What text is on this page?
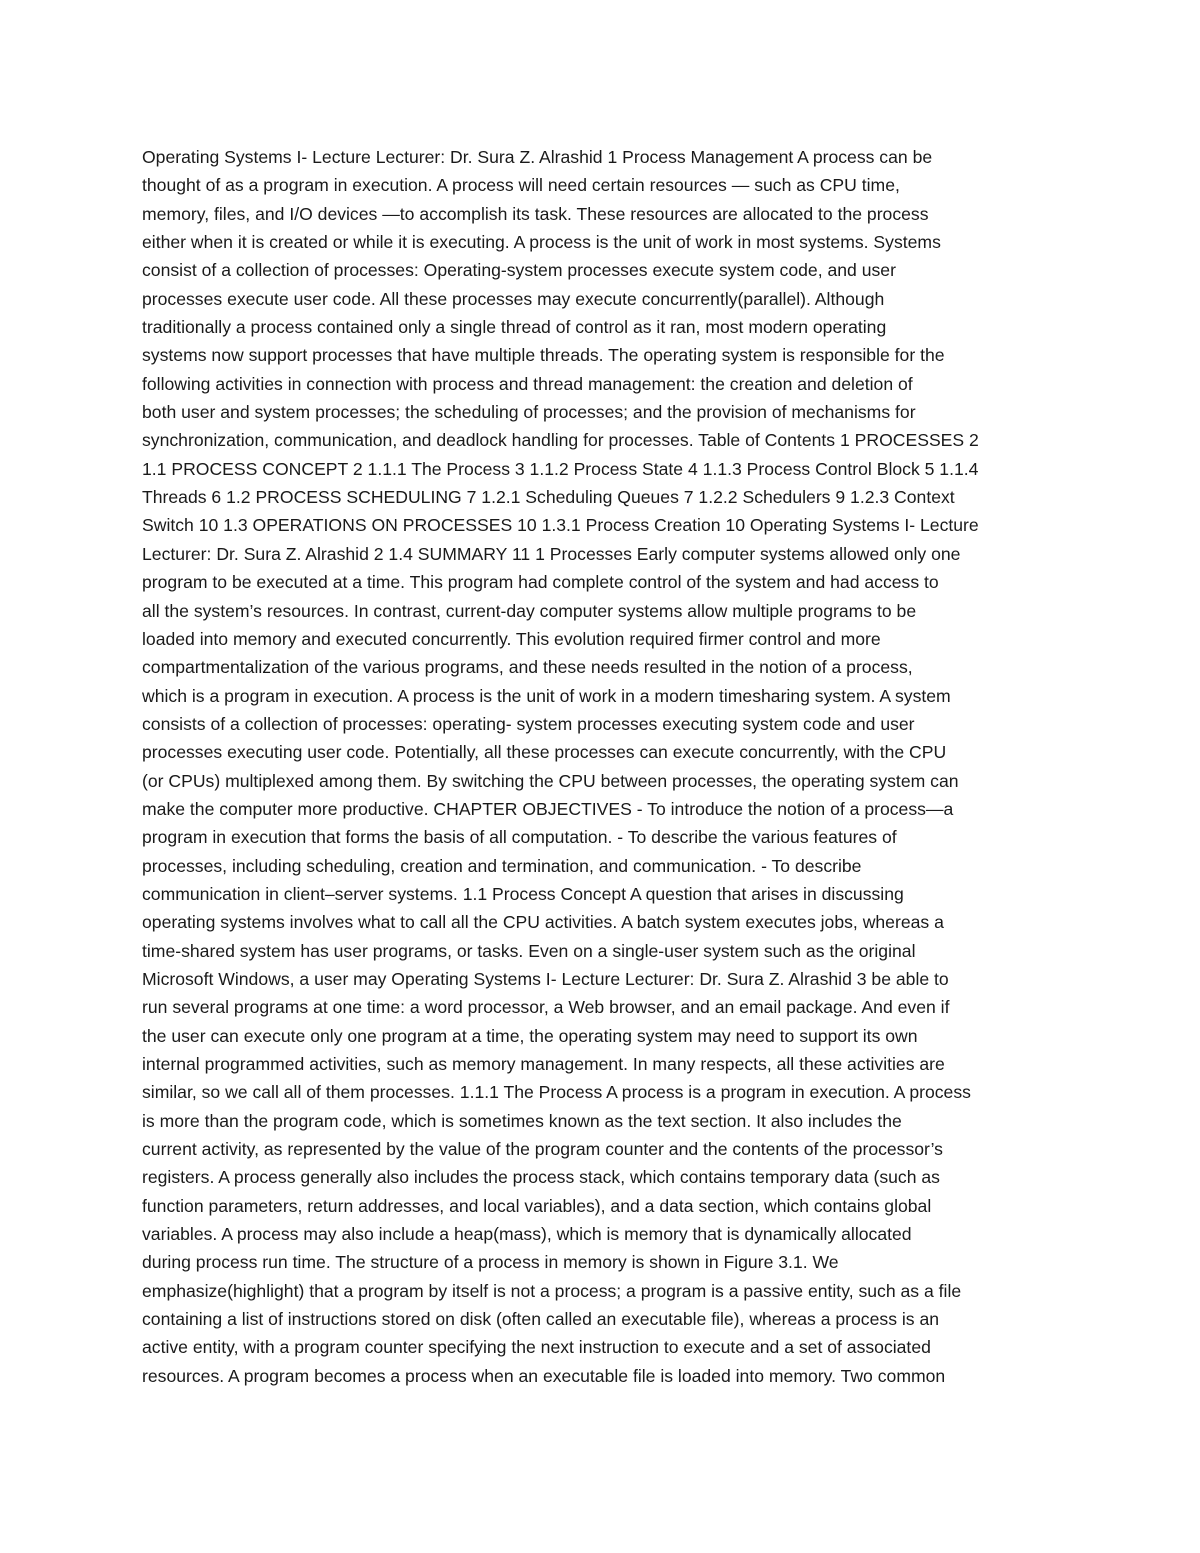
Operating Systems I- Lecture Lecturer: Dr. Sura Z. Alrashid 1 Process Management A process can be
thought of as a program in execution. A process will need certain resources — such as CPU time,
memory, files, and I/O devices —to accomplish its task. These resources are allocated to the process
either when it is created or while it is executing. A process is the unit of work in most systems. Systems
consist of a collection of processes: Operating-system processes execute system code, and user
processes execute user code. All these processes may execute concurrently(parallel). Although
traditionally a process contained only a single thread of control as it ran, most modern operating
systems now support processes that have multiple threads. The operating system is responsible for the
following activities in connection with process and thread management: the creation and deletion of
both user and system processes; the scheduling of processes; and the provision of mechanisms for
synchronization, communication, and deadlock handling for processes. Table of Contents 1 PROCESSES 2
1.1 PROCESS CONCEPT 2 1.1.1 The Process 3 1.1.2 Process State 4 1.1.3 Process Control Block 5 1.1.4
Threads 6 1.2 PROCESS SCHEDULING 7 1.2.1 Scheduling Queues 7 1.2.2 Schedulers 9 1.2.3 Context
Switch 10 1.3 OPERATIONS ON PROCESSES 10 1.3.1 Process Creation 10 Operating Systems I- Lecture
Lecturer: Dr. Sura Z. Alrashid 2 1.4 SUMMARY 11 1 Processes Early computer systems allowed only one
program to be executed at a time. This program had complete control of the system and had access to
all the system’s resources. In contrast, current-day computer systems allow multiple programs to be
loaded into memory and executed concurrently. This evolution required firmer control and more
compartmentalization of the various programs, and these needs resulted in the notion of a process,
which is a program in execution. A process is the unit of work in a modern timesharing system. A system
consists of a collection of processes: operating- system processes executing system code and user
processes executing user code. Potentially, all these processes can execute concurrently, with the CPU
(or CPUs) multiplexed among them. By switching the CPU between processes, the operating system can
make the computer more productive. CHAPTER OBJECTIVES - To introduce the notion of a process—a
program in execution that forms the basis of all computation. - To describe the various features of
processes, including scheduling, creation and termination, and communication. - To describe
communication in client–server systems. 1.1 Process Concept A question that arises in discussing
operating systems involves what to call all the CPU activities. A batch system executes jobs, whereas a
time-shared system has user programs, or tasks. Even on a single-user system such as the original
Microsoft Windows, a user may Operating Systems I- Lecture Lecturer: Dr. Sura Z. Alrashid 3 be able to
run several programs at one time: a word processor, a Web browser, and an email package. And even if
the user can execute only one program at a time, the operating system may need to support its own
internal programmed activities, such as memory management. In many respects, all these activities are
similar, so we call all of them processes. 1.1.1 The Process A process is a program in execution. A process
is more than the program code, which is sometimes known as the text section. It also includes the
current activity, as represented by the value of the program counter and the contents of the processor’s
registers. A process generally also includes the process stack, which contains temporary data (such as
function parameters, return addresses, and local variables), and a data section, which contains global
variables. A process may also include a heap(mass), which is memory that is dynamically allocated
during process run time. The structure of a process in memory is shown in Figure 3.1. We
emphasize(highlight) that a program by itself is not a process; a program is a passive entity, such as a file
containing a list of instructions stored on disk (often called an executable file), whereas a process is an
active entity, with a program counter specifying the next instruction to execute and a set of associated
resources. A program becomes a process when an executable file is loaded into memory. Two common
